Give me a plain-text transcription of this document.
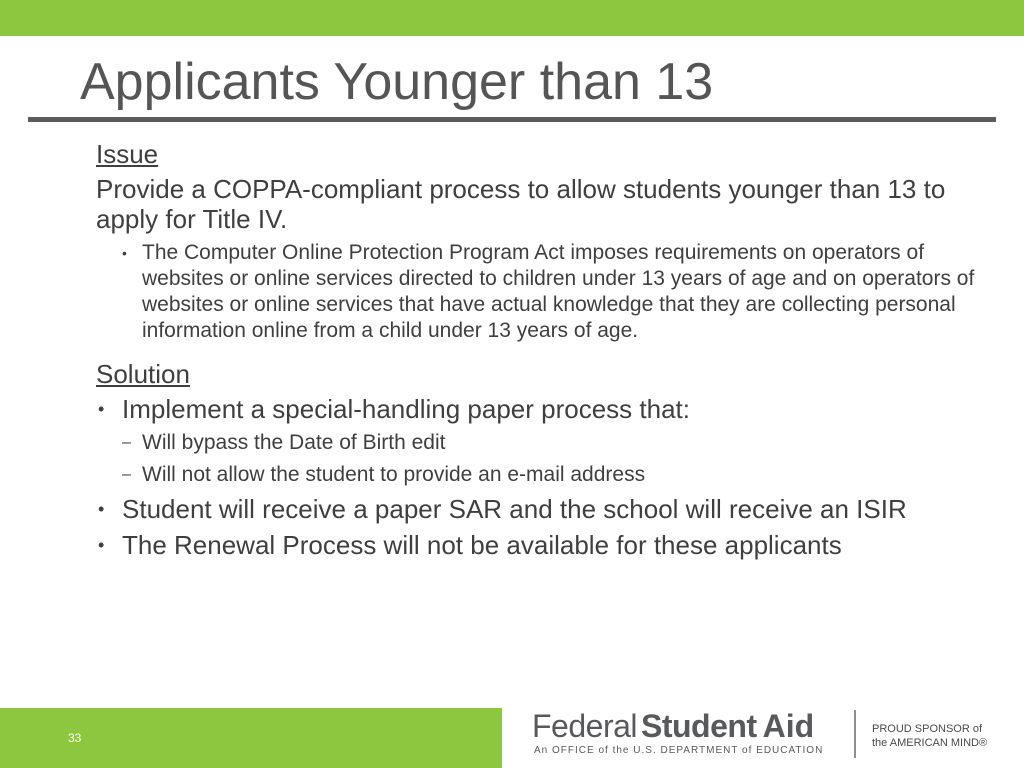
Applicants Younger than 13

Issue

Provide a COPPA-compliant process to allow students younger than 13 to apply for Title IV.

• The Computer Online Protection Program Act imposes requirements on operators of websites or online services directed to children under 13 years of age and on operators of websites or online services that have actual knowledge that they are collecting personal information online from a child under 13 years of age.

Solution

• Implement a special-handling paper process that:

– Will bypass the Date of Birth edit

– Will not allow the student to provide an e-mail address

• Student will receive a paper SAR and the school will receive an ISIR

• The Renewal Process will not be available for these applicants

33	Federal Student Aid
An OFFICE of the U.S. DEPARTMENT of EDUCATION
PROUD SPONSOR of
the AMERICAN MIND®
